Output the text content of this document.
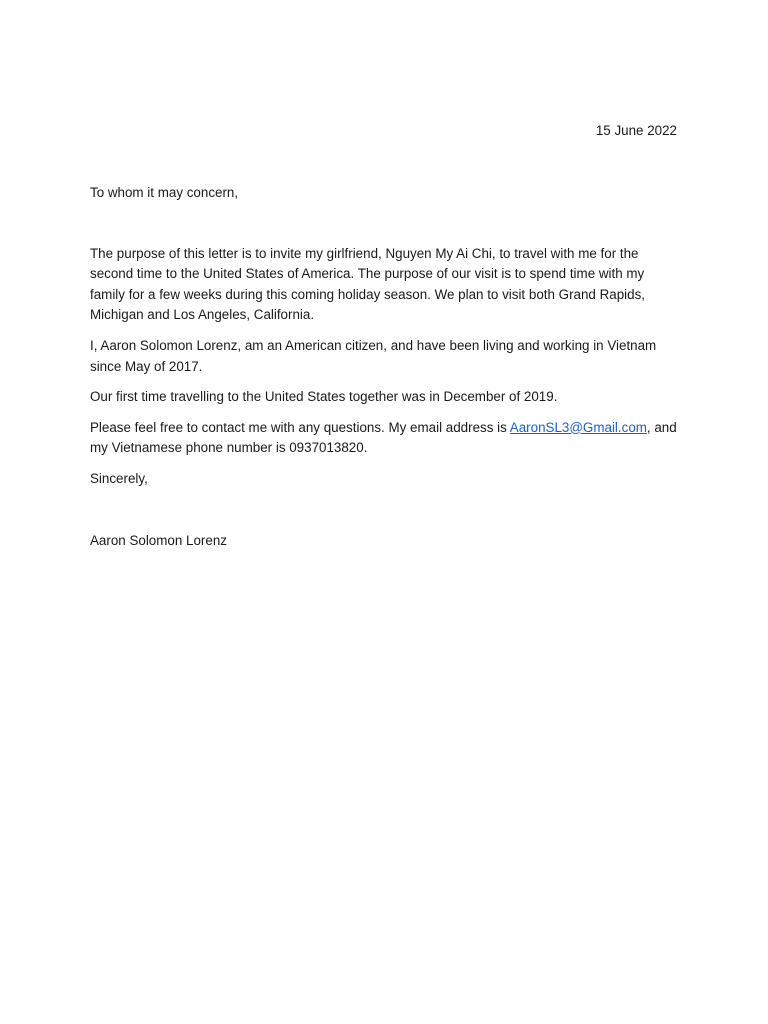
15 June 2022

To whom it may concern,

The purpose of this letter is to invite my girlfriend, Nguyen My Ai Chi, to travel with me for the second time to the United States of America. The purpose of our visit is to spend time with my family for a few weeks during this coming holiday season. We plan to visit both Grand Rapids, Michigan and Los Angeles, California.

I, Aaron Solomon Lorenz, am an American citizen, and have been living and working in Vietnam since May of 2017.

Our first time travelling to the United States together was in December of 2019.

Please feel free to contact me with any questions. My email address is AaronSL3@Gmail.com, and my Vietnamese phone number is 0937013820.

Sincerely,

Aaron Solomon Lorenz
